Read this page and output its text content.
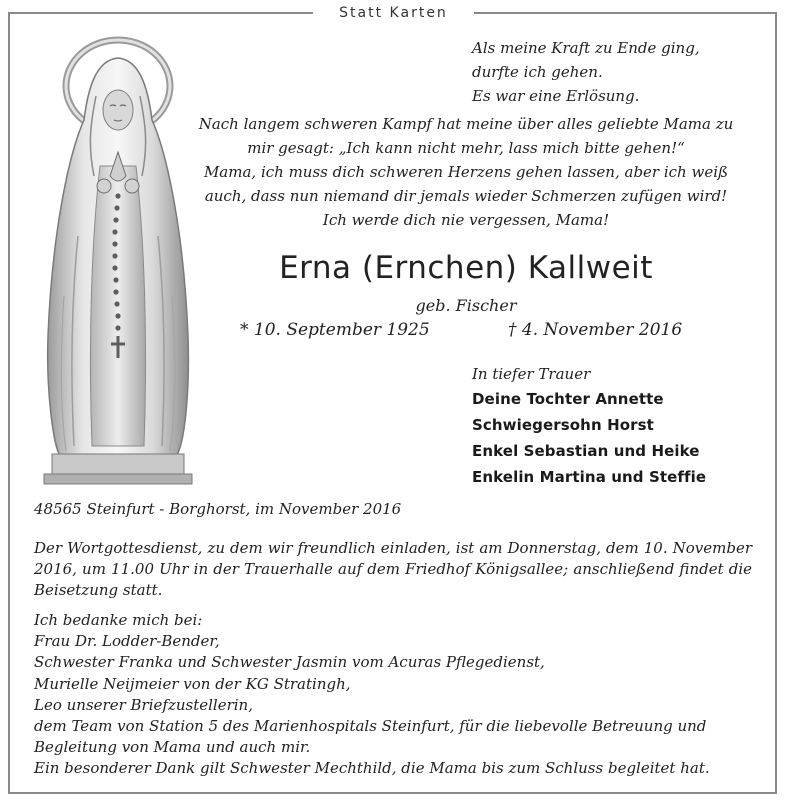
Statt Karten
Als meine Kraft zu Ende ging,
durfte ich gehen.
Es war eine Erlösung.
Nach langem schweren Kampf hat meine über alles geliebte Mama zu
mir gesagt: „Ich kann nicht mehr, lass mich bitte gehen!“
Mama, ich muss dich schweren Herzens gehen lassen, aber ich weiß
auch, dass nun niemand dir jemals wieder Schmerzen zufügen wird!
Ich werde dich nie vergessen, Mama!
Erna (Ernchen) Kallweit
geb. Fischer
* 10. September 1925	† 4. November 2016
In tiefer Trauer
Deine Tochter Annette
Schwiegersohn Horst
Enkel Sebastian und Heike
Enkelin Martina und Steffie
48565 Steinfurt - Borghorst, im November 2016
Der Wortgottesdienst, zu dem wir freundlich einladen, ist am Donnerstag, dem 10. November 2016, um 11.00 Uhr in der Trauerhalle auf dem Friedhof Königsallee; anschließend findet die Beisetzung statt.
Ich bedanke mich bei:
Frau Dr. Lodder-Bender,
Schwester Franka und Schwester Jasmin vom Acuras Pflegedienst,
Murielle Neijmeier von der KG Stratingh,
Leo unserer Briefzustellerin,
dem Team von Station 5 des Marienhospitals Steinfurt, für die liebevolle Betreuung und
Begleitung von Mama und auch mir.
Ein besonderer Dank gilt Schwester Mechthild, die Mama bis zum Schluss begleitet hat.
